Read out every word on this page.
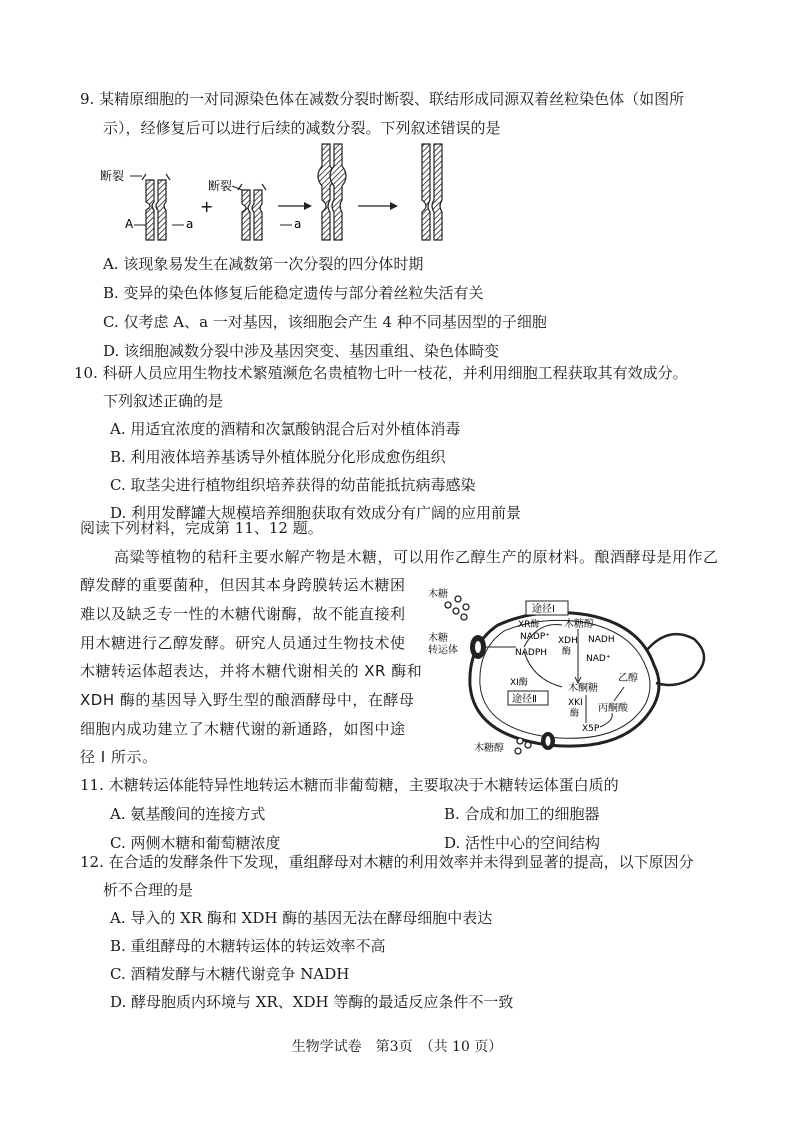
9. 某精原细胞的一对同源染色体在减数分裂时断裂、联结形成同源双着丝粒染色体（如图所
示），经修复后可以进行后续的减数分裂。下列叙述错误的是
断裂
断裂
A	a	a
+
A. 该现象易发生在减数第一次分裂的四分体时期
B. 变异的染色体修复后能稳定遗传与部分着丝粒失活有关
C. 仅考虑 A、a 一对基因，该细胞会产生 4 种不同基因型的子细胞
D. 该细胞减数分裂中涉及基因突变、基因重组、染色体畸变
10. 科研人员应用生物技术繁殖濒危名贵植物七叶一枝花，并利用细胞工程获取其有效成分。
下列叙述正确的是
A. 用适宜浓度的酒精和次氯酸钠混合后对外植体消毒
B. 利用液体培养基诱导外植体脱分化形成愈伤组织
C. 取茎尖进行植物组织培养获得的幼苗能抵抗病毒感染
D. 利用发酵罐大规模培养细胞获取有效成分有广阔的应用前景
阅读下列材料，完成第 11、12 题。
高粱等植物的秸秆主要水解产物是木糖，可以用作乙醇生产的原材料。酿酒酵母是用作乙
醇发酵的重要菌种，但因其本身跨膜转运木糖困
难以及缺乏专一性的木糖代谢酶，故不能直接利
用木糖进行乙醇发酵。研究人员通过生物技术使
木糖转运体超表达，并将木糖代谢相关的 XR 酶和
XDH 酶的基因导入野生型的酿酒酵母中，在酵母
细胞内成功建立了木糖代谢的新通路，如图中途
径 Ⅰ 所示。
木糖
木糖
转运体
途径Ⅰ
XR酶 木糖醇
NADP⁺
NADPH
NADH
XDH
酶
NAD⁺
XI酶
途径Ⅱ
木酮糖
XKI
酶
X5P
丙酮酸
乙醇
木糖醇
11. 木糖转运体能特异性地转运木糖而非葡萄糖，主要取决于木糖转运体蛋白质的
A. 氨基酸间的连接方式	B. 合成和加工的细胞器
C. 两侧木糖和葡萄糖浓度	D. 活性中心的空间结构
12. 在合适的发酵条件下发现，重组酵母对木糖的利用效率并未得到显著的提高，以下原因分
析不合理的是
A. 导入的 XR 酶和 XDH 酶的基因无法在酵母细胞中表达
B. 重组酵母的木糖转运体的转运效率不高
C. 酒精发酵与木糖代谢竞争 NADH
D. 酵母胞质内环境与 XR、XDH 等酶的最适反应条件不一致
生物学试卷　第3页　（共 10 页）
